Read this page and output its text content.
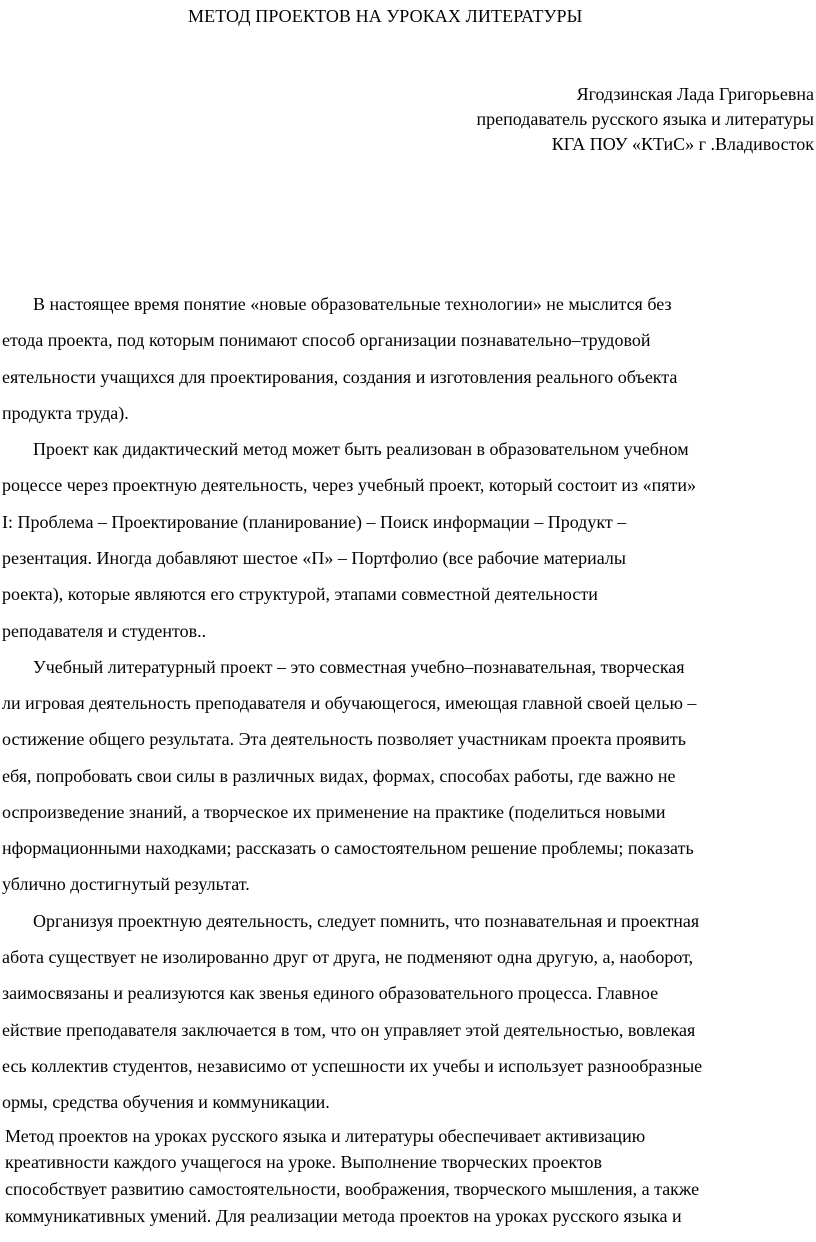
МЕТОД ПРОЕКТОВ НА УРОКАХ ЛИТЕРАТУРЫ
Ягодзинская Лада Григорьевна
преподаватель русского языка и литературы
КГА ПОУ «КТиС» г .Владивосток
В настоящее время понятие «новые образовательные технологии» не мыслится без
етода проекта, под которым понимают способ организации познавательно–трудовой
еятельности учащихся для проектирования, создания и изготовления реального объекта
продукта труда).
Проект как дидактический метод может быть реализован в образовательном учебном
роцессе через проектную деятельность, через учебный проект, который состоит из «пяти»
I: Проблема – Проектирование (планирование) – Поиск информации – Продукт –
резентация. Иногда добавляют шестое «П» – Портфолио (все рабочие материалы
роекта), которые являются его структурой, этапами совместной деятельности
реподавателя и студентов..
Учебный литературный проект – это совместная учебно–познавательная, творческая
ли игровая деятельность преподавателя и обучающегося, имеющая главной своей целью –
остижение общего результата. Эта деятельность позволяет участникам проекта проявить
ебя, попробовать свои силы в различных видах, формах, способах работы, где важно не
оспроизведение знаний, а творческое их применение на практике (поделиться новыми
нформационными находками; рассказать о самостоятельном решение проблемы; показать
ублично достигнутый результат.
Организуя проектную деятельность, следует помнить, что познавательная и проектная
абота существует не изолированно друг от друга, не подменяют одна другую, а, наоборот,
заимосвязаны и реализуются как звенья единого образовательного процесса. Главное
ействие преподавателя заключается в том, что он управляет этой деятельностью, вовлекая
есь коллектив студентов, независимо от успешности их учебы и использует разнообразные
ормы, средства обучения и коммуникации.
Метод проектов на уроках русского языка и литературы обеспечивает активизацию
креативности каждого учащегося на уроке. Выполнение творческих проектов
способствует развитию самостоятельности, воображения, творческого мышления, а также
коммуникативных умений. Для реализации метода проектов на уроках русского языка и
